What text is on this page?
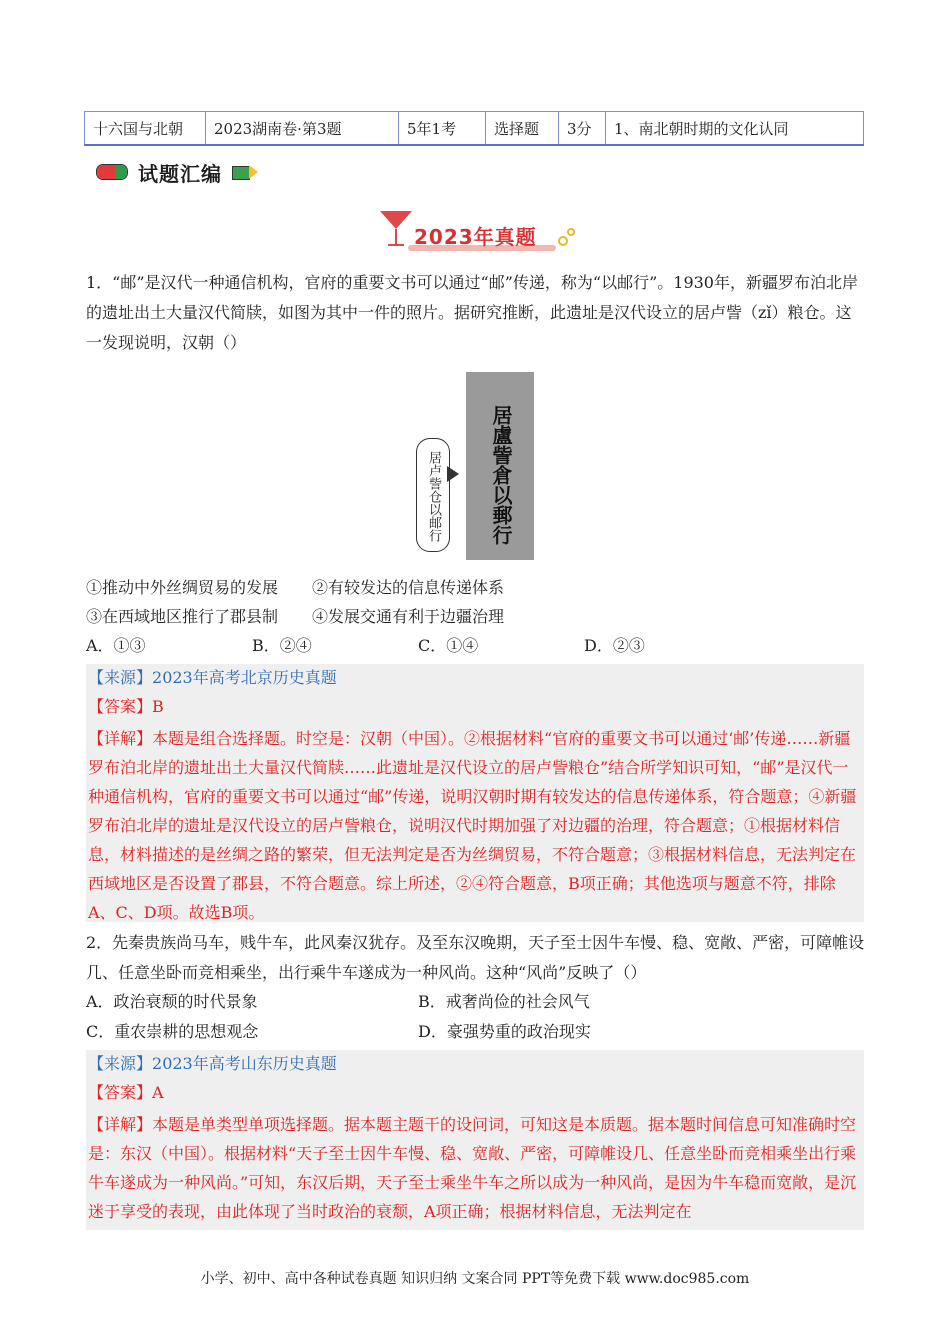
十六国与北朝	2023湖南卷·第3题	5年1考	选择题	3分	1、南北朝时期的文化认同
试题汇编
2023年真题
1．“邮”是汉代一种通信机构，官府的重要文书可以通过“邮”传递，称为“以邮行”。1930年，新疆罗布泊北岸的遗址出土大量汉代简牍，如图为其中一件的照片。据研究推断，此遗址是汉代设立的居卢訾（zǐ）粮仓。这一发现说明，汉朝（）
居盧訾倉以郵行
居卢訾仓以邮行
①推动中外丝绸贸易的发展 ②有较发达的信息传递体系
③在西域地区推行了郡县制 ④发展交通有利于边疆治理
A．①③	B．②④	C．①④	D．②③
【来源】2023年高考北京历史真题
【答案】B
【详解】本题是组合选择题。时空是：汉朝（中国）。②根据材料“官府的重要文书可以通过‘邮’传递……新疆罗布泊北岸的遗址出土大量汉代简牍……此遗址是汉代设立的居卢訾粮仓”结合所学知识可知，“邮”是汉代一种通信机构，官府的重要文书可以通过“邮”传递，说明汉朝时期有较发达的信息传递体系，符合题意；④新疆罗布泊北岸的遗址是汉代设立的居卢訾粮仓，说明汉代时期加强了对边疆的治理，符合题意；①根据材料信息，材料描述的是丝绸之路的繁荣，但无法判定是否为丝绸贸易，不符合题意；③根据材料信息，无法判定在西域地区是否设置了郡县，不符合题意。综上所述，②④符合题意，B项正确；其他选项与题意不符，排除A、C、D项。故选B项。
2．先秦贵族尚马车，贱牛车，此风秦汉犹存。及至东汉晚期，天子至士因牛车慢、稳、宽敞、严密，可障帷设几、任意坐卧而竞相乘坐，出行乘牛车遂成为一种风尚。这种“风尚”反映了（）
A．政治衰颓的时代景象	B．戒奢尚俭的社会风气
C．重农崇耕的思想观念	D．豪强势重的政治现实
【来源】2023年高考山东历史真题
【答案】A
【详解】本题是单类型单项选择题。据本题主题干的设问词，可知这是本质题。据本题时间信息可知准确时空是：东汉（中国）。根据材料“天子至士因牛车慢、稳、宽敞、严密，可障帷设几、任意坐卧而竞相乘坐出行乘牛车遂成为一种风尚。”可知，东汉后期，天子至士乘坐牛车之所以成为一种风尚，是因为牛车稳而宽敞，是沉迷于享受的表现，由此体现了当时政治的衰颓，A项正确；根据材料信息，无法判定在
小学、初中、高中各种试卷真题 知识归纳 文案合同 PPT等免费下载 www.doc985.com
